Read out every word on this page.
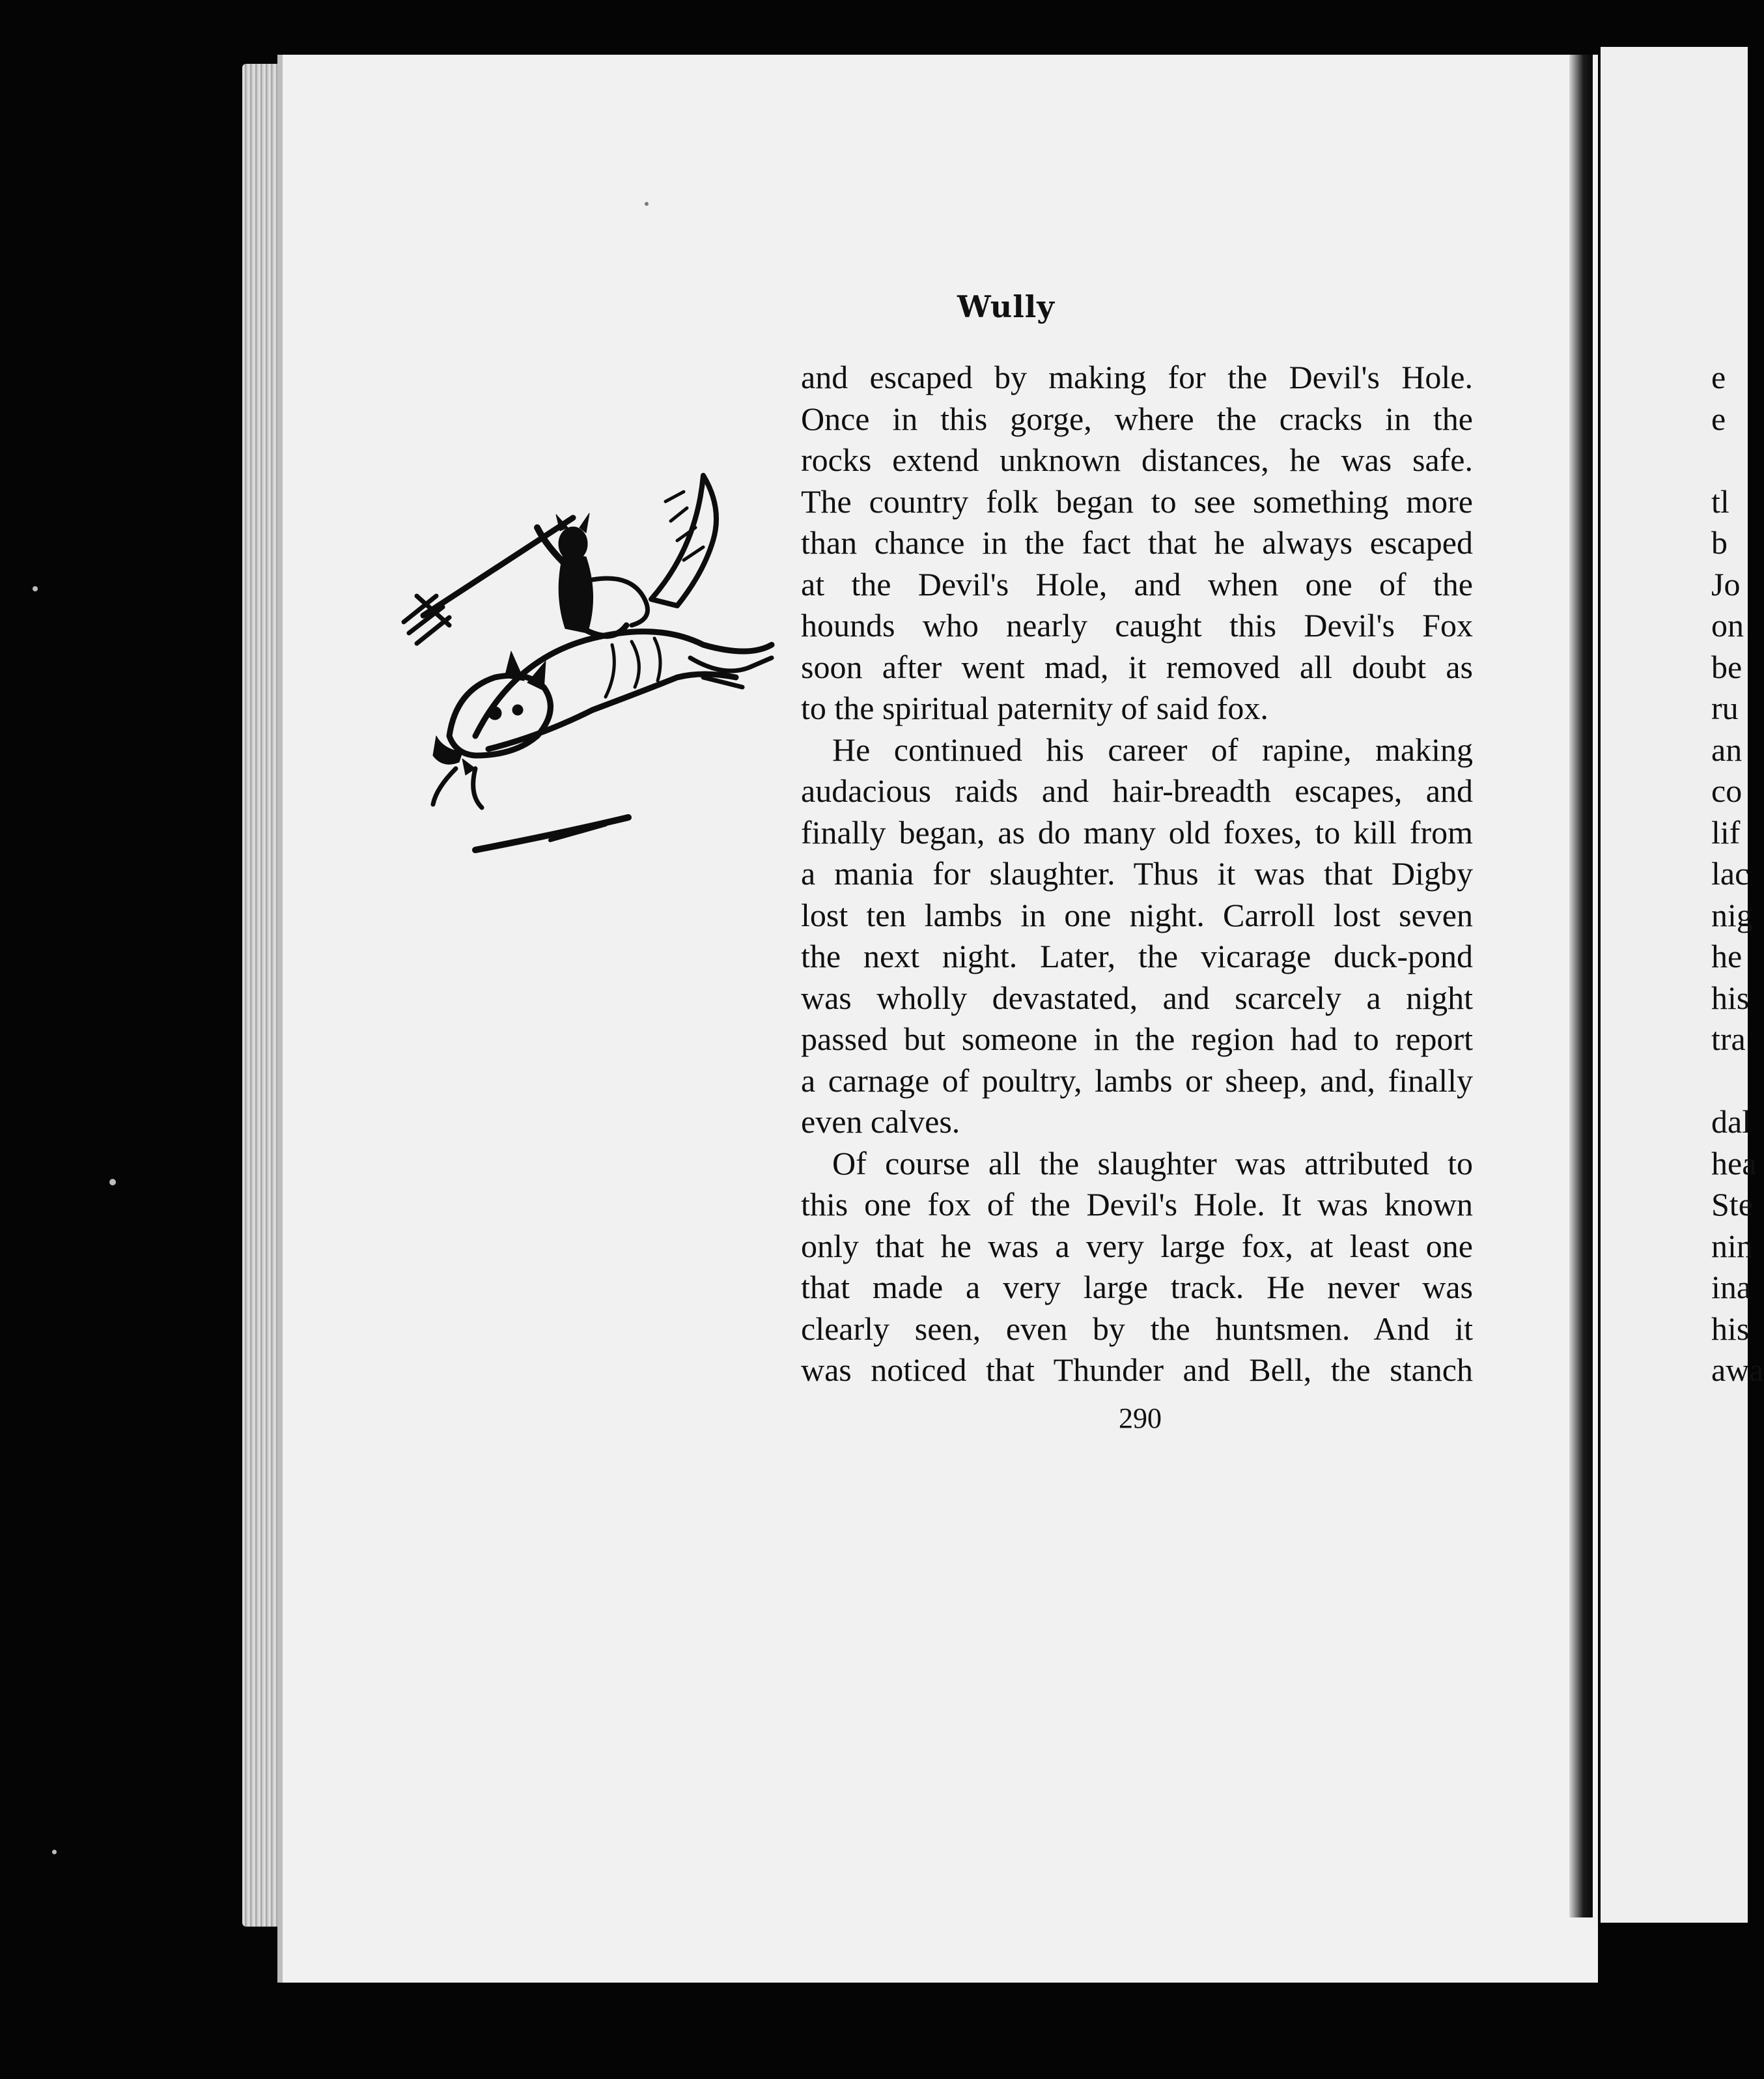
Wully
and escaped by making for the Devil's Hole.
Once in this gorge, where the cracks in the
rocks extend unknown distances, he was safe.
The country folk began to see something more
than chance in the fact that he always escaped
at the Devil's Hole, and when one of the
hounds who nearly caught this Devil's Fox
soon after went mad, it removed all doubt as
to the spiritual paternity of said fox.
He continued his career of rapine, making
audacious raids and hair-breadth escapes, and
finally began, as do many old foxes, to kill from
a mania for slaughter. Thus it was that Digby
lost ten lambs in one night. Carroll lost seven
the next night. Later, the vicarage duck-pond
was wholly devastated, and scarcely a night
passed but someone in the region had to report
a carnage of poultry, lambs or sheep, and, finally
even calves.
Of course all the slaughter was attributed to
this one fox of the Devil's Hole. It was known
only that he was a very large fox, at least one
that made a very large track. He never was
clearly seen, even by the huntsmen. And it
was noticed that Thunder and Bell, the stanch
290
e
e
tl
b
Jo
on
be
ru
an
co
lif
lac
nig
he
his
tra
dal
hea
Ste
nin
ina
his
awa
